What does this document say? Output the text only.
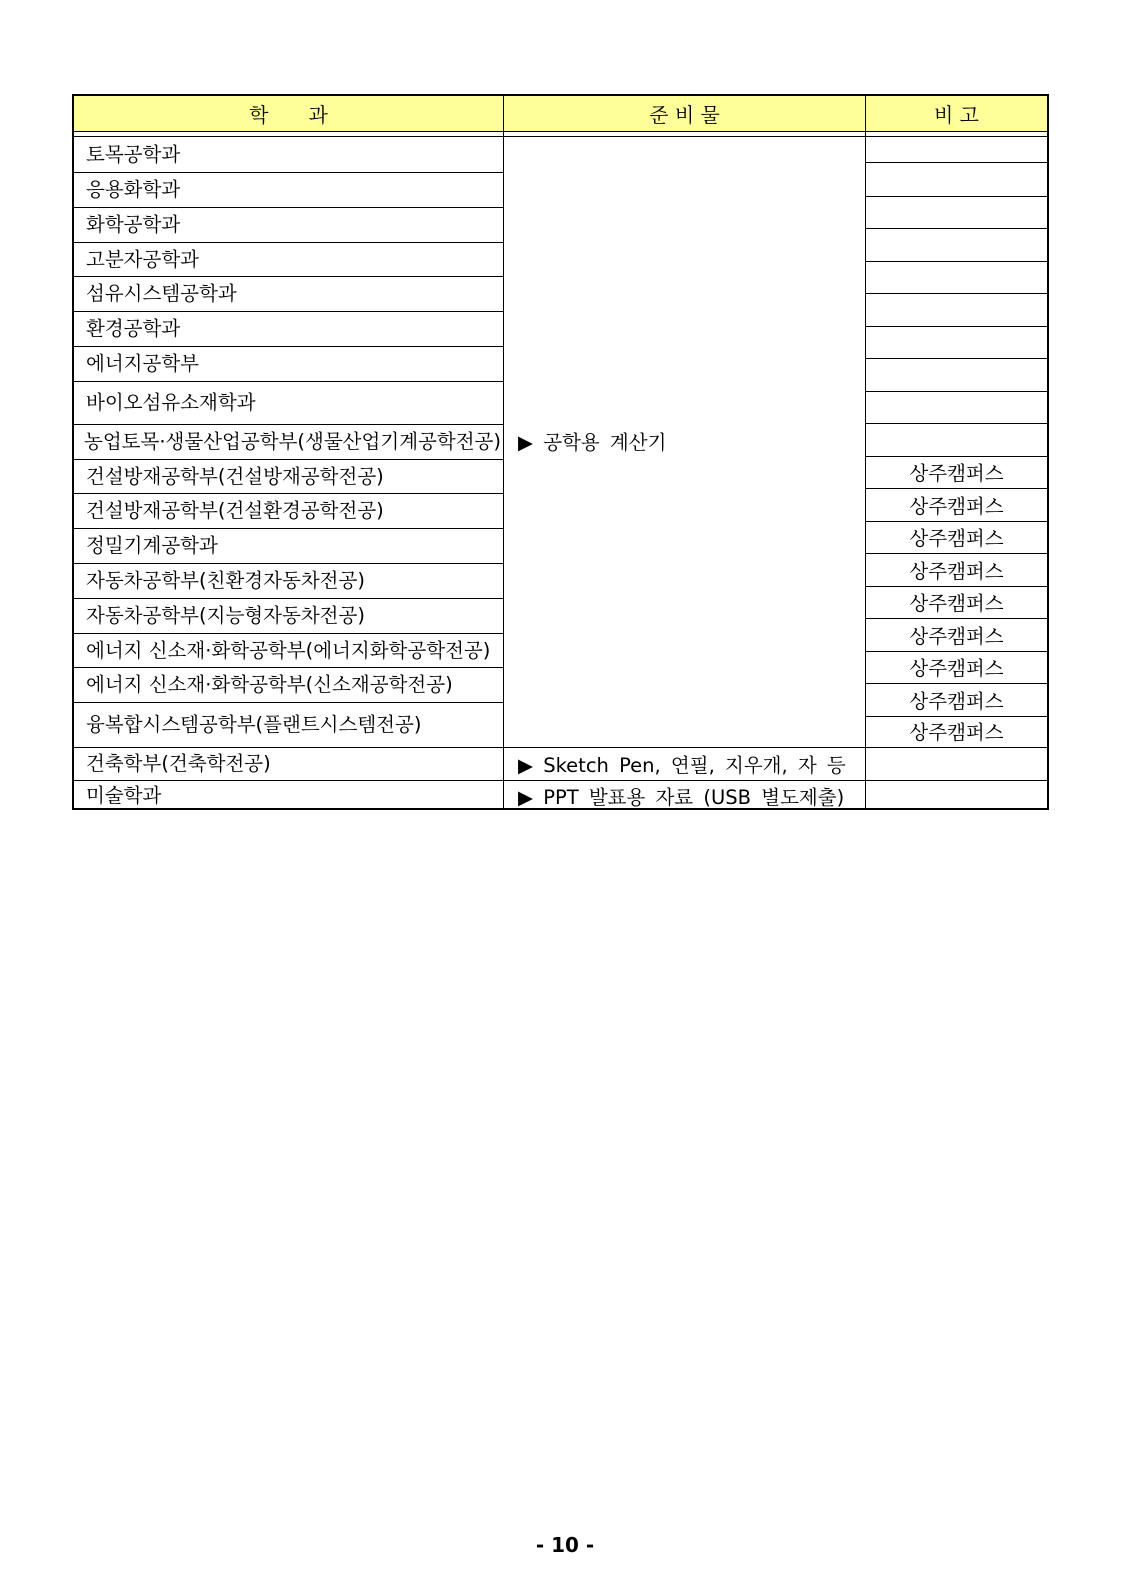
학　　과	준 비 물	비 고
토목공학과
응용화학과
화학공학과
고분자공학과
섬유시스템공학과
환경공학과
에너지공학부
바이오섬유소재학과
농업토목·생물산업공학부(생물산업기계공학전공)
건설방재공학부(건설방재공학전공)
건설방재공학부(건설환경공학전공)
정밀기계공학과
자동차공학부(친환경자동차전공)
자동차공학부(지능형자동차전공)
에너지 신소재·화학공학부(에너지화학공학전공)
에너지 신소재·화학공학부(신소재공학전공)
융복합시스템공학부(플랜트시스템전공)
건축학부(건축학전공)
미술학과
▶ 공학용 계산기
▶ Sketch Pen, 연필, 지우개, 자 등
▶ PPT 발표용 자료 (USB 별도제출)
상주캠퍼스
상주캠퍼스
상주캠퍼스
상주캠퍼스
상주캠퍼스
상주캠퍼스
상주캠퍼스
상주캠퍼스
상주캠퍼스
- 10 -
